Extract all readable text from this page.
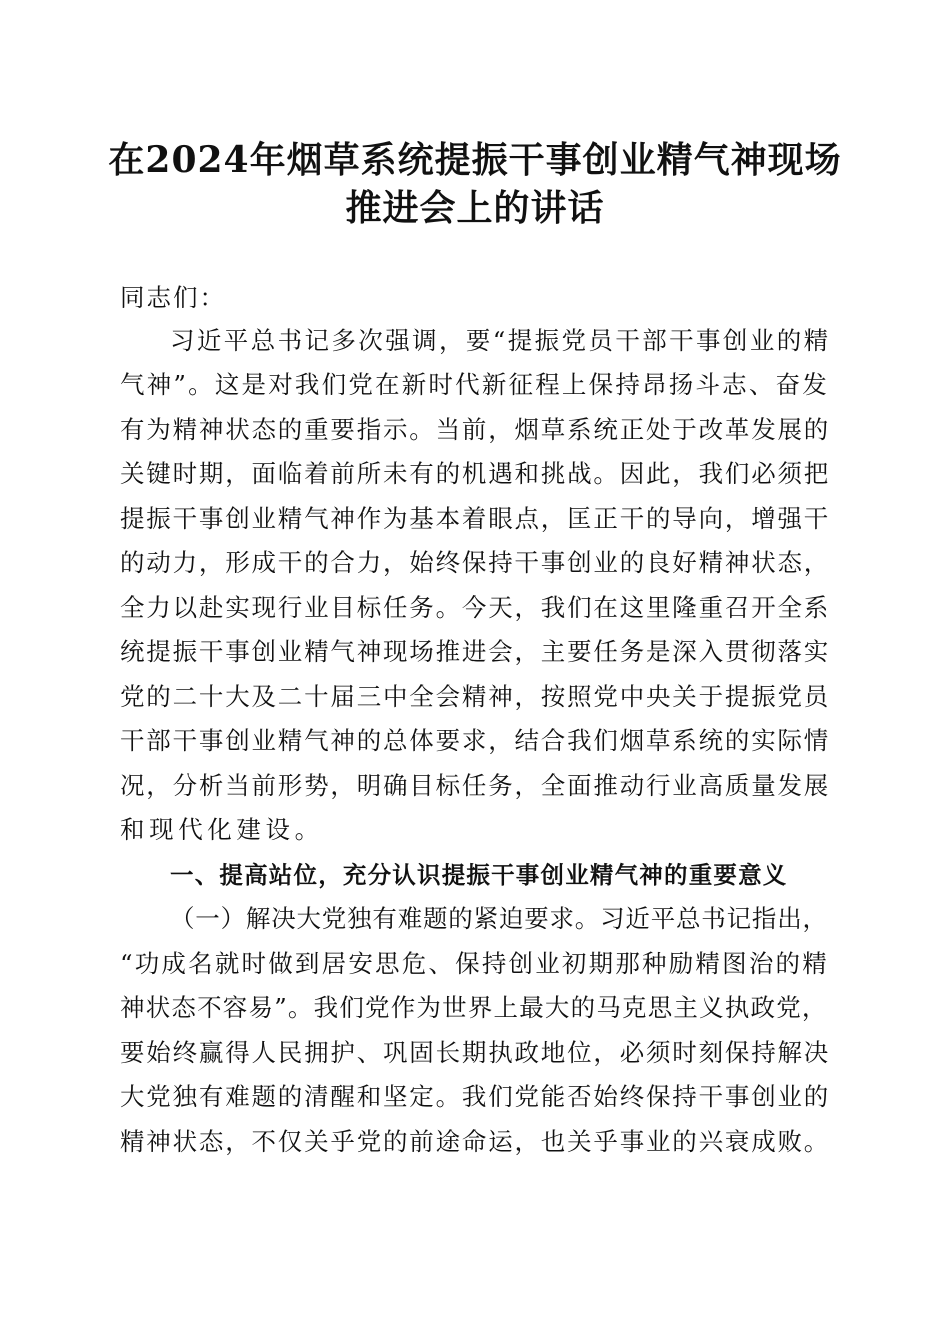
在2024年烟草系统提振干事创业精气神现场
推进会上的讲话
同志们：
习近平总书记多次强调，要“提振党员干部干事创业的精
气神”。这是对我们党在新时代新征程上保持昂扬斗志、奋发
有为精神状态的重要指示。当前，烟草系统正处于改革发展的
关键时期，面临着前所未有的机遇和挑战。因此，我们必须把
提振干事创业精气神作为基本着眼点，匡正干的导向，增强干
的动力，形成干的合力，始终保持干事创业的良好精神状态，
全力以赴实现行业目标任务。今天，我们在这里隆重召开全系
统提振干事创业精气神现场推进会，主要任务是深入贯彻落实
党的二十大及二十届三中全会精神，按照党中央关于提振党员
干部干事创业精气神的总体要求，结合我们烟草系统的实际情
况，分析当前形势，明确目标任务，全面推动行业高质量发展
和现代化建设。
一、提高站位，充分认识提振干事创业精气神的重要意义
（一）解决大党独有难题的紧迫要求。习近平总书记指出，
“功成名就时做到居安思危、保持创业初期那种励精图治的精
神状态不容易”。我们党作为世界上最大的马克思主义执政党，
要始终赢得人民拥护、巩固长期执政地位，必须时刻保持解决
大党独有难题的清醒和坚定。我们党能否始终保持干事创业的
精神状态，不仅关乎党的前途命运，也关乎事业的兴衰成败。
